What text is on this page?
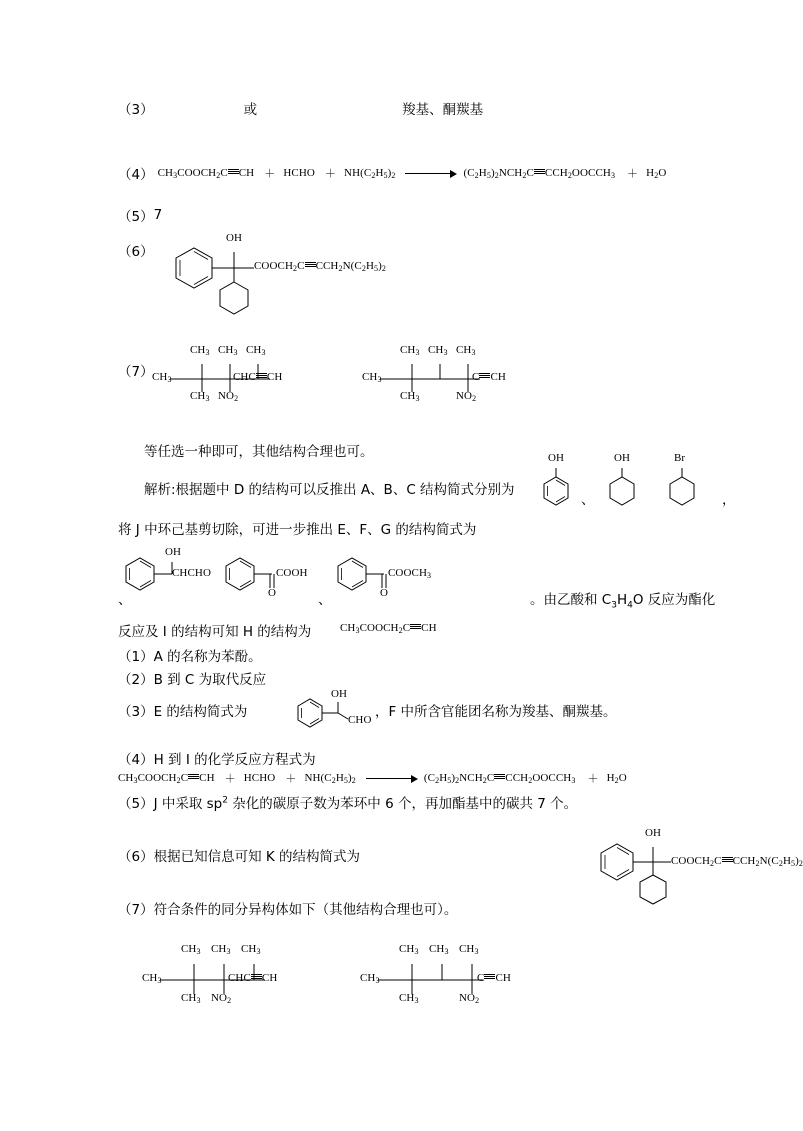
（3）	或	羧基、酮羰基
（4） $CH_3COOCH_2C$ CH ＋ HCHO ＋ $NH(C_2H_5)_2$	$(C_2H_5)_2NCH_2C$ $CCH_2OOCCH_3 + H_2O$
（5） 7
（6）
OH
$COOCH_2C$ $CCH_2N(C_2H_5)_2$
（7）
$CH_3$ $CH_3$ $CH_3$
$CH_3$
$CH_3$ $NO_2$
CHC CH
$CH_3$ $CH_3$ $CH_3$
$CH_3$
$CH_3$	$NO_2$
C CH
等任选一种即可，其他结构合理也可。
解析:根据题中 D 的结构可以反推出 A、B、C 结构简式分别为
OH
、
OH	Br
，
将 J 中环己基剪切除，可进一步推出 E、F、G 的结构简式为
OH
CHCHO
、	O
COOH
、	O
$COOCH_3$
。由乙酸和 $C_3H_4O$ 反应为酯化
反应及 I 的结构可知 H 的结构为	$CH_3COOCH_2C$ CH
（1）A 的名称为苯酚。
（2）B 到 C 为取代反应
（3）E 的结构简式为
OH
CHO ，F 中所含官能团名称为羧基、酮羰基。
（4）H 到 I 的化学反应方程式为
$CH_3COOCH_2C$ CH ＋ HCHO ＋ $NH(C_2H_5)_2$	$(C_2H_5)_2NCH_2C$ $CCH_2OOCCH_3 + H_2O$
（5）J 中采取 $sp^2$ 杂化的碳原子数为苯环中 6 个，再加酯基中的碳共 7 个。
（6）根据已知信息可知 K 的结构简式为
OH
$COOCH_2C$ $CCH_2N(C_2H_5)_2$
（7）符合条件的同分异构体如下（其他结构合理也可）。
$CH_3$ $CH_3$ $CH_3$
$CH_3$
$CH_3$ $NO_2$
CHC CH
$CH_3$ $CH_3$ $CH_3$
$CH_3$
$CH_3$	$NO_2$
C CH
